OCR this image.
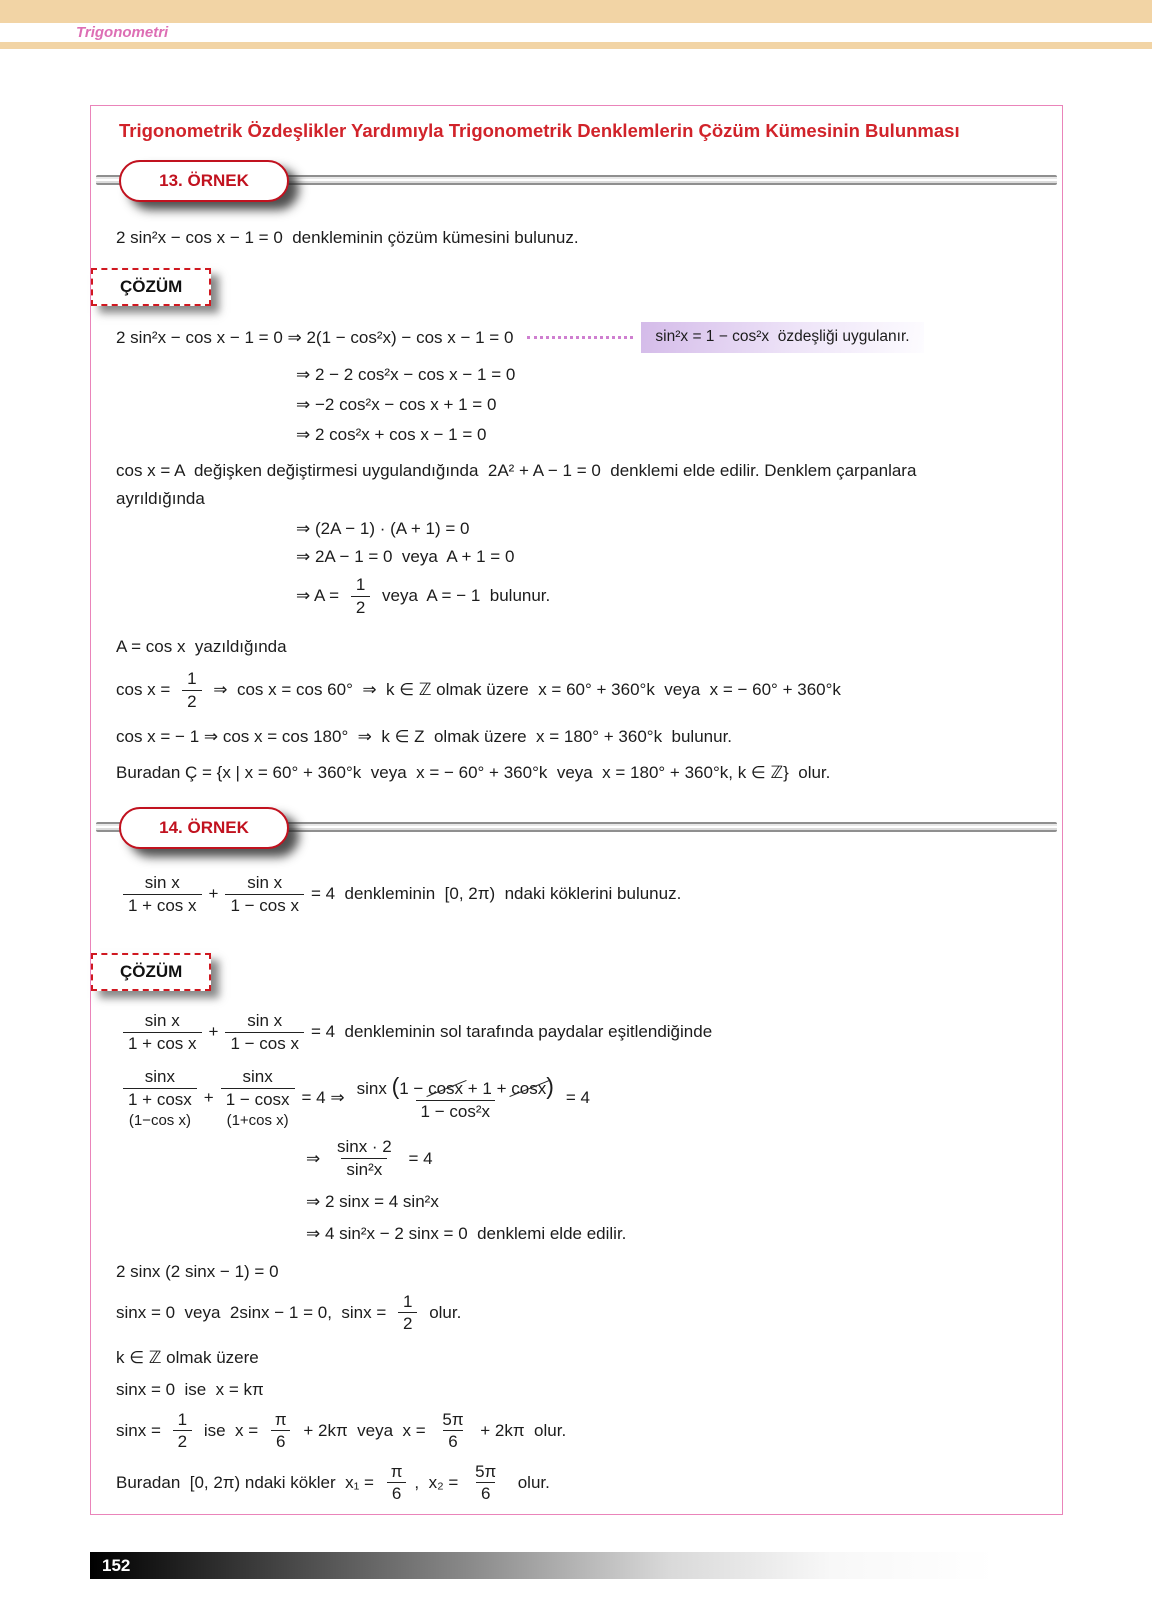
Trigonometri
Trigonometrik Özdeşlikler Yardımıyla Trigonometrik Denklemlerin Çözüm Kümesinin Bulunması
13. ÖRNEK
2 sin²x − cos x − 1 = 0  denkleminin çözüm kümesini bulunuz.
ÇÖZÜM
2 sin²x − cos x − 1 = 0 ⇒ 2(1 − cos²x) − cos x − 1 = 0	sin²x = 1 − cos²x  özdeşliği uygulanır.
⇒ 2 − 2 cos²x − cos x − 1 = 0
⇒ −2 cos²x − cos x + 1 = 0
⇒ 2 cos²x + cos x − 1 = 0
cos x = A  değişken değiştirmesi uygulandığında  2A² + A − 1 = 0  denklemi elde edilir. Denklem çarpanlara
ayrıldığında
⇒ (2A − 1) · (A + 1) = 0
⇒ 2A − 1 = 0  veya  A + 1 = 0
⇒ $A = \frac{1}{2}$ veya  A = − 1  bulunur.
A = cos x  yazıldığında
$\cos x = \frac{1}{2}$ ⇒  cos x = cos 60°  ⇒  k ∈ ℤ olmak üzere  x = 60° + 360°k  veya  x = − 60° + 360°k
cos x = − 1 ⇒ cos x = cos 180°  ⇒  k ∈ Z  olmak üzere  x = 180° + 360°k  bulunur.
Buradan Ç = {x | x = 60° + 360°k  veya  x = − 60° + 360°k  veya  x = 180° + 360°k, k ∈ ℤ}  olur.
14. ÖRNEK
$\frac{\text{sin x}}{\text{1 + cos x}} + \frac{\text{sin x}}{\text{1 − cos x}} = 4$  denkleminin  [0, 2π)  ndaki köklerini bulunuz.
ÇÖZÜM
$\frac{\text{sin x}}{\text{1 + cos x}} + \frac{\text{sin x}}{\text{1 − cos x}} = 4$  denkleminin sol tarafında paydalar eşitlendiğinde
$\frac{\sin x}{1 + \cos x}$
(1−cos x)
+ $\frac{\sin x}{1 - \cos x}$
(1+cos x)
= 4 ⇒ $\frac{\sin x (1 - \cos x + 1 + \cos x)}{\text{1 − cos²x}} = 4$
⇒ $\frac{\sin x \cdot 2}{\text{sin²x}} = 4$
⇒ 2 sinx = 4 sin²x
⇒ 4 sin²x − 2 sinx = 0  denklemi elde edilir.
2 sinx (2 sinx − 1) = 0
sinx = 0  veya  2sinx − 1 = 0,  $\sin x = \frac{1}{2}$ olur.
k ∈ ℤ olmak üzere
sinx = 0  ise  x = kπ
$\sin x = \frac{1}{2}$ ise  $x = \frac{\pi}{6} + 2k\pi$  veya  $x = \frac{5\pi}{6} + 2k\pi$  olur.
Buradan  [0, 2π) ndaki kökler  $x_1 = \frac{\pi}{6}$ ,  $x_2 = \frac{5\pi}{6}$ olur.
152
